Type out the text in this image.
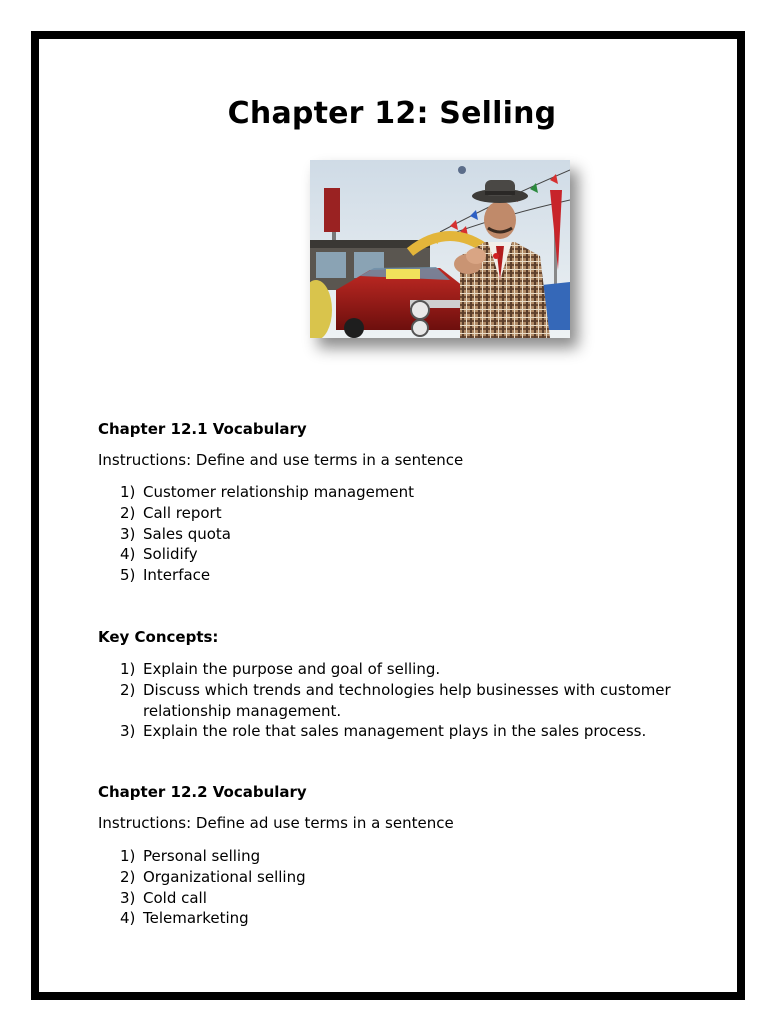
Chapter 12: Selling
Chapter 12.1 Vocabulary

Instructions: Define and use terms in a sentence

1) Customer relationship management
2) Call report
3) Sales quota
4) Solidify
5) Interface
Key Concepts:
1) Explain the purpose and goal of selling.
2) Discuss which trends and technologies help businesses with customer relationship management.
3) Explain the role that sales management plays in the sales process.
Chapter 12.2 Vocabulary

Instructions: Define ad use terms in a sentence

1) Personal selling
2) Organizational selling
3) Cold call
4) Telemarketing
